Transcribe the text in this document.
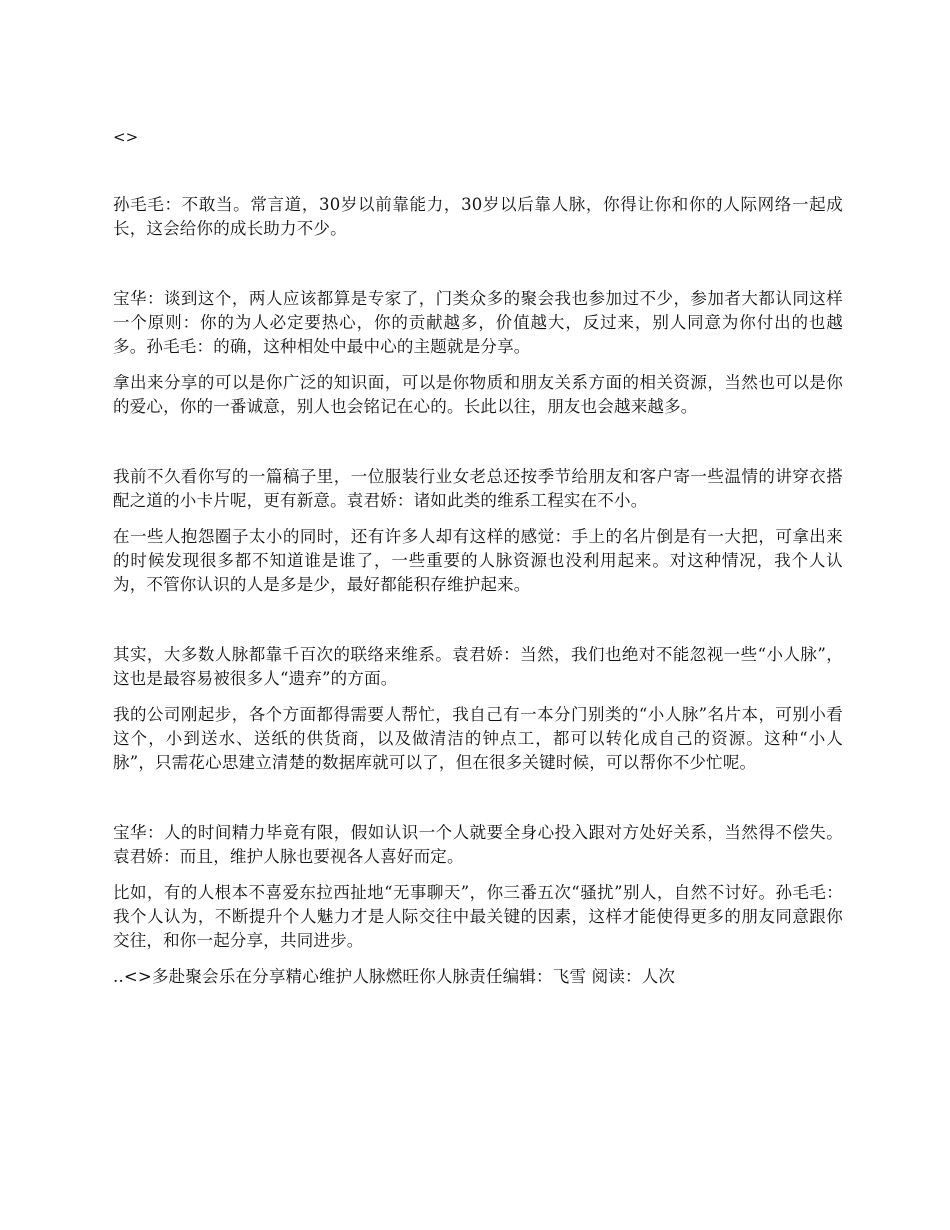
<>

孙毛毛：不敢当。常言道，30岁以前靠能力，30岁以后靠人脉，你得让你和你的人际网络一起成长，这会给你的成长助力不少。

宝华：谈到这个，两人应该都算是专家了，门类众多的聚会我也参加过不少，参加者大都认同这样一个原则：你的为人必定要热心，你的贡献越多，价值越大，反过来，别人同意为你付出的也越多。孙毛毛：的确，这种相处中最中心的主题就是分享。

拿出来分享的可以是你广泛的知识面，可以是你物质和朋友关系方面的相关资源，当然也可以是你的爱心，你的一番诚意，别人也会铭记在心的。长此以往，朋友也会越来越多。

我前不久看你写的一篇稿子里，一位服装行业女老总还按季节给朋友和客户寄一些温情的讲穿衣搭配之道的小卡片呢，更有新意。袁君娇：诸如此类的维系工程实在不小。

在一些人抱怨圈子太小的同时，还有许多人却有这样的感觉：手上的名片倒是有一大把，可拿出来的时候发现很多都不知道谁是谁了，一些重要的人脉资源也没利用起来。对这种情况，我个人认为，不管你认识的人是多是少，最好都能积存维护起来。

其实，大多数人脉都靠千百次的联络来维系。袁君娇：当然，我们也绝对不能忽视一些“小人脉”，这也是最容易被很多人“遗弃”的方面。

我的公司刚起步，各个方面都得需要人帮忙，我自己有一本分门别类的“小人脉”名片本，可别小看这个，小到送水、送纸的供货商，以及做清洁的钟点工，都可以转化成自己的资源。这种“小人脉”，只需花心思建立清楚的数据库就可以了，但在很多关键时候，可以帮你不少忙呢。

宝华：人的时间精力毕竟有限，假如认识一个人就要全身心投入跟对方处好关系，当然得不偿失。袁君娇：而且，维护人脉也要视各人喜好而定。

比如，有的人根本不喜爱东拉西扯地“无事聊天”，你三番五次“骚扰”别人，自然不讨好。孙毛毛：我个人认为，不断提升个人魅力才是人际交往中最关键的因素，这样才能使得更多的朋友同意跟你交往，和你一起分享，共同进步。

..<>多赴聚会乐在分享精心维护人脉燃旺你人脉责任编辑：飞雪 阅读：人次
